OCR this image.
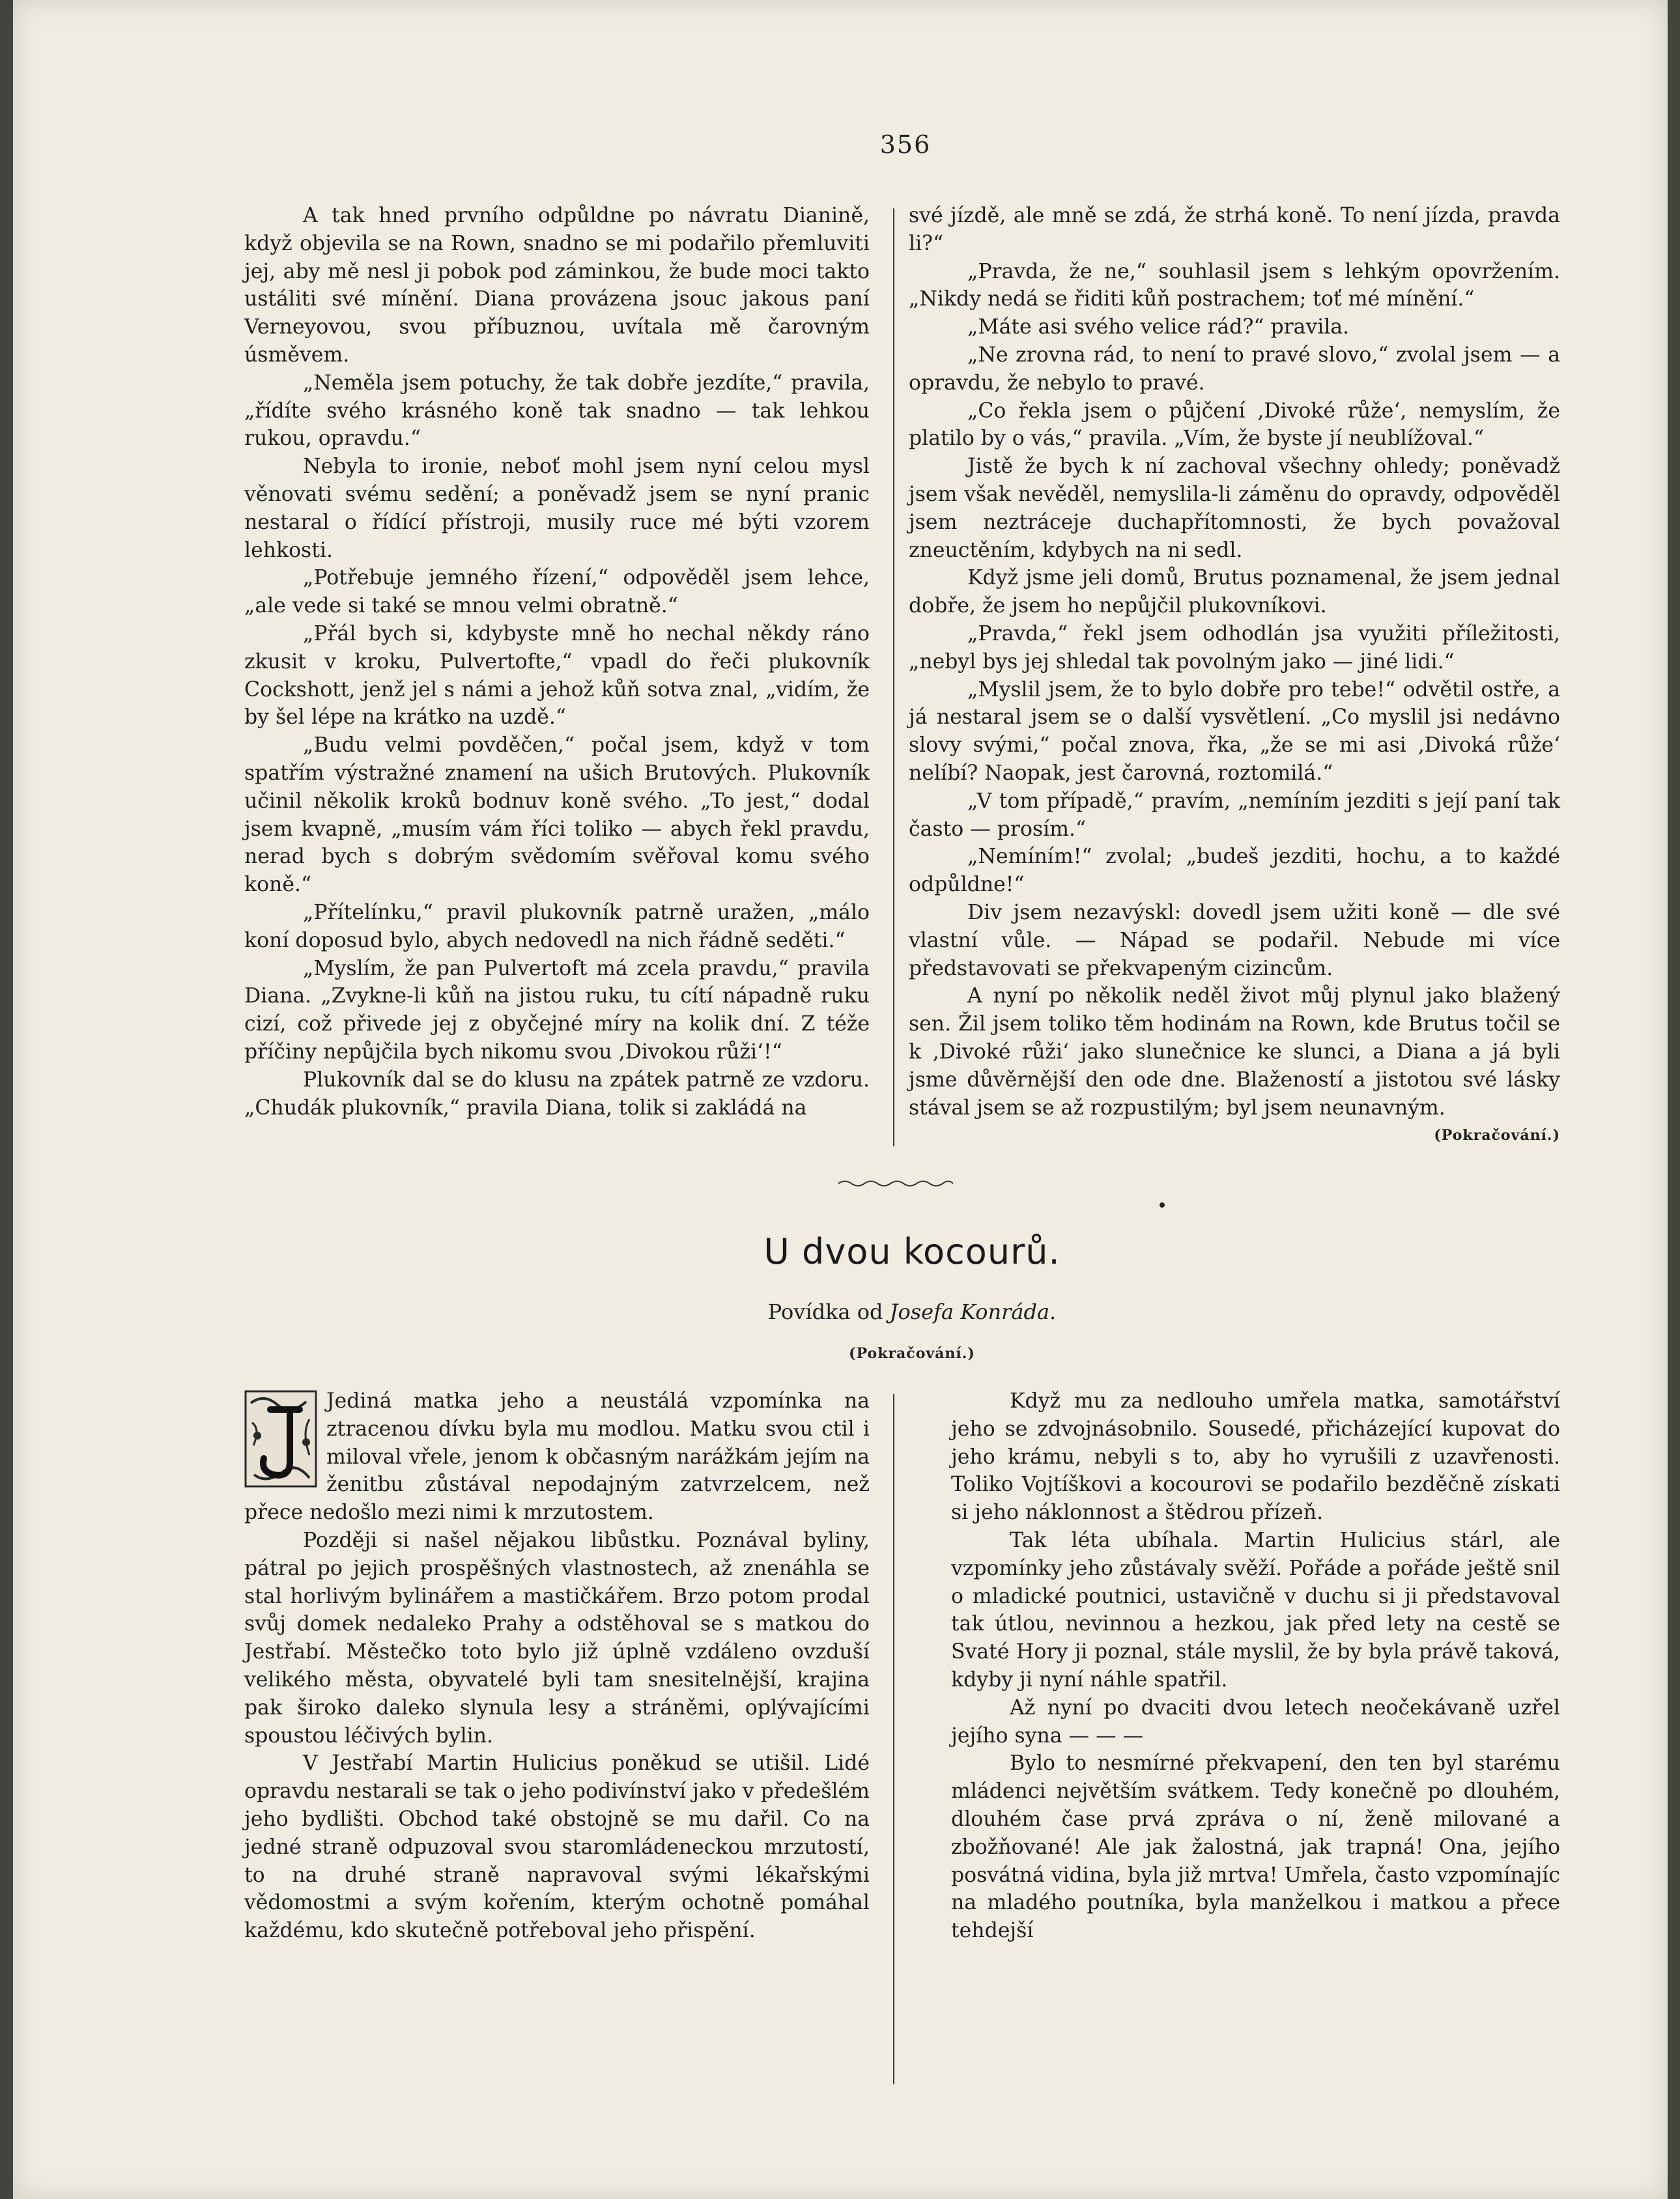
356

A tak hned prvního odpůldne po návratu Dianině, když objevila se na Rown, snadno se mi podařilo přemluviti jej, aby mě nesl ji pobok pod záminkou, že bude moci takto ustáliti své mínění. Diana provázena jsouc jakous paní Verneyovou, svou příbuznou, uvítala mě čarovným úsměvem.

„Neměla jsem potuchy, že tak dobře jezdíte,“ pravila, „řídíte svého krásného koně tak snadno — tak lehkou rukou, opravdu.“

Nebyla to ironie, neboť mohl jsem nyní celou mysl věnovati svému sedění; a poněvadž jsem se nyní pranic nestaral o řídící přístroji, musily ruce mé býti vzorem lehkosti.

„Potřebuje jemného řízení,“ odpověděl jsem lehce, „ale vede si také se mnou velmi obratně.“

„Přál bych si, kdybyste mně ho nechal někdy ráno zkusit v kroku, Pulvertofte,“ vpadl do řeči plukovník Cockshott, jenž jel s námi a jehož kůň sotva znal, „vidím, že by šel lépe na krátko na uzdě.“

„Budu velmi povděčen,“ počal jsem, když v tom spatřím výstražné znamení na ušich Brutových. Plukovník učinil několik kroků bodnuv koně svého. „To jest,“ dodal jsem kvapně, „musím vám říci toliko — abych řekl pravdu, nerad bych s dobrým svědomím svěřoval komu svého koně.“

„Přítelínku,“ pravil plukovník patrně uražen, „málo koní doposud bylo, abych nedovedl na nich řádně seděti.“

„Myslím, že pan Pulvertoft má zcela pravdu,“ pravila Diana. „Zvykne-li kůň na jistou ruku, tu cítí nápadně ruku cizí, což přivede jej z obyčejné míry na kolik dní. Z téže příčiny nepůjčila bych nikomu svou ‚Divokou růži‘!“

Plukovník dal se do klusu na zpátek patrně ze vzdoru. „Chudák plukovník,“ pravila Diana, tolik si zakládá na

své jízdě, ale mně se zdá, že strhá koně. To není jízda, pravda li?“

„Pravda, že ne,“ souhlasil jsem s lehkým opovržením. „Nikdy nedá se řiditi kůň postrachem; toť mé mínění.“

„Máte asi svého velice rád?“ pravila.

„Ne zrovna rád, to není to pravé slovo,“ zvolal jsem — a opravdu, že nebylo to pravé.

„Co řekla jsem o půjčení ‚Divoké růže‘, nemyslím, že platilo by o vás,“ pravila. „Vím, že byste jí neublížoval.“

Jistě že bych k ní zachoval všechny ohledy; poněvadž jsem však nevěděl, nemyslila-li záměnu do opravdy, odpověděl jsem neztráceje duchapřítomnosti, že bych považoval zneuctěním, kdybych na ni sedl.

Když jsme jeli domů, Brutus poznamenal, že jsem jednal dobře, že jsem ho nepůjčil plukovníkovi.

„Pravda,“ řekl jsem odhodlán jsa využiti příležitosti, „nebyl bys jej shledal tak povolným jako — jiné lidi.“

„Myslil jsem, že to bylo dobře pro tebe!“ odvětil ostře, a já nestaral jsem se o další vysvětlení. „Co myslil jsi nedávno slovy svými,“ počal znova, řka, „že se mi asi ‚Divoká růže‘ nelíbí? Naopak, jest čarovná, roztomilá.“

„V tom případě,“ pravím, „nemíním jezditi s její paní tak často — prosím.“

„Nemíním!“ zvolal; „budeš jezditi, hochu, a to každé odpůldne!“

Div jsem nezavýskl: dovedl jsem užiti koně — dle své vlastní vůle. — Nápad se podařil. Nebude mi více představovati se překvapeným cizincům.

A nyní po několik neděl život můj plynul jako blažený sen. Žil jsem toliko těm hodinám na Rown, kde Brutus točil se k ‚Divoké růži‘ jako slunečnice ke slunci, a Diana a já byli jsme důvěrnější den ode dne. Blažeností a jistotou své lásky stával jsem se až rozpustilým; byl jsem neunavným.

(Pokračování.)
U dvou kocourů.
Povídka od Josefa Konráda.
(Pokračování.)

Jediná matka jeho a neustálá vzpomínka na ztracenou dívku byla mu modlou. Matku svou ctil i miloval vřele, jenom k občasným narážkám jejím na ženitbu zůstával nepodajným zatvrzelcem, než přece nedošlo mezi nimi k mrzutostem.

Později si našel nějakou libůstku. Poznával byliny, pátral po jejich prospěšných vlastnostech, až znenáhla se stal horlivým bylinářem a mastičkářem. Brzo potom prodal svůj domek nedaleko Prahy a odstěhoval se s matkou do Jestřabí. Městečko toto bylo již úplně vzdáleno ovzduší velikého města, obyvatelé byli tam snesitelnější, krajina pak široko daleko slynula lesy a stráněmi, oplývajícími spoustou léčivých bylin.

V Jestřabí Martin Hulicius poněkud se utišil. Lidé opravdu nestarali se tak o jeho podivínství jako v předešlém jeho bydlišti. Obchod také obstojně se mu dařil. Co na jedné straně odpuzoval svou staromládeneckou mrzutostí, to na druhé straně napravoval svými lékařskými vědomostmi a svým kořením, kterým ochotně pomáhal každému, kdo skutečně potřeboval jeho přispění.

Když mu za nedlouho umřela matka, samotářství jeho se zdvojnásobnilo. Sousedé, přicházející kupovat do jeho krámu, nebyli s to, aby ho vyrušili z uzavřenosti. Toliko Vojtíškovi a kocourovi se podařilo bezděčně získati si jeho náklonnost a štědrou přízeň.

Tak léta ubíhala. Martin Hulicius stárl, ale vzpomínky jeho zůstávaly svěží. Pořáde a pořáde ještě snil o mladické poutnici, ustavičně v duchu si ji představoval tak útlou, nevinnou a hezkou, jak před lety na cestě se Svaté Hory ji poznal, stále myslil, že by byla právě taková, kdyby ji nyní náhle spatřil.

Až nyní po dvaciti dvou letech neočekávaně uzřel jejího syna — — —

Bylo to nesmírné překvapení, den ten byl starému mládenci největším svátkem. Tedy konečně po dlouhém, dlouhém čase prvá zpráva o ní, ženě milované a zbožňované! Ale jak žalostná, jak trapná! Ona, jejího posvátná vidina, byla již mrtva! Umřela, často vzpomínajíc na mladého poutníka, byla manželkou i matkou a přece tehdejší
